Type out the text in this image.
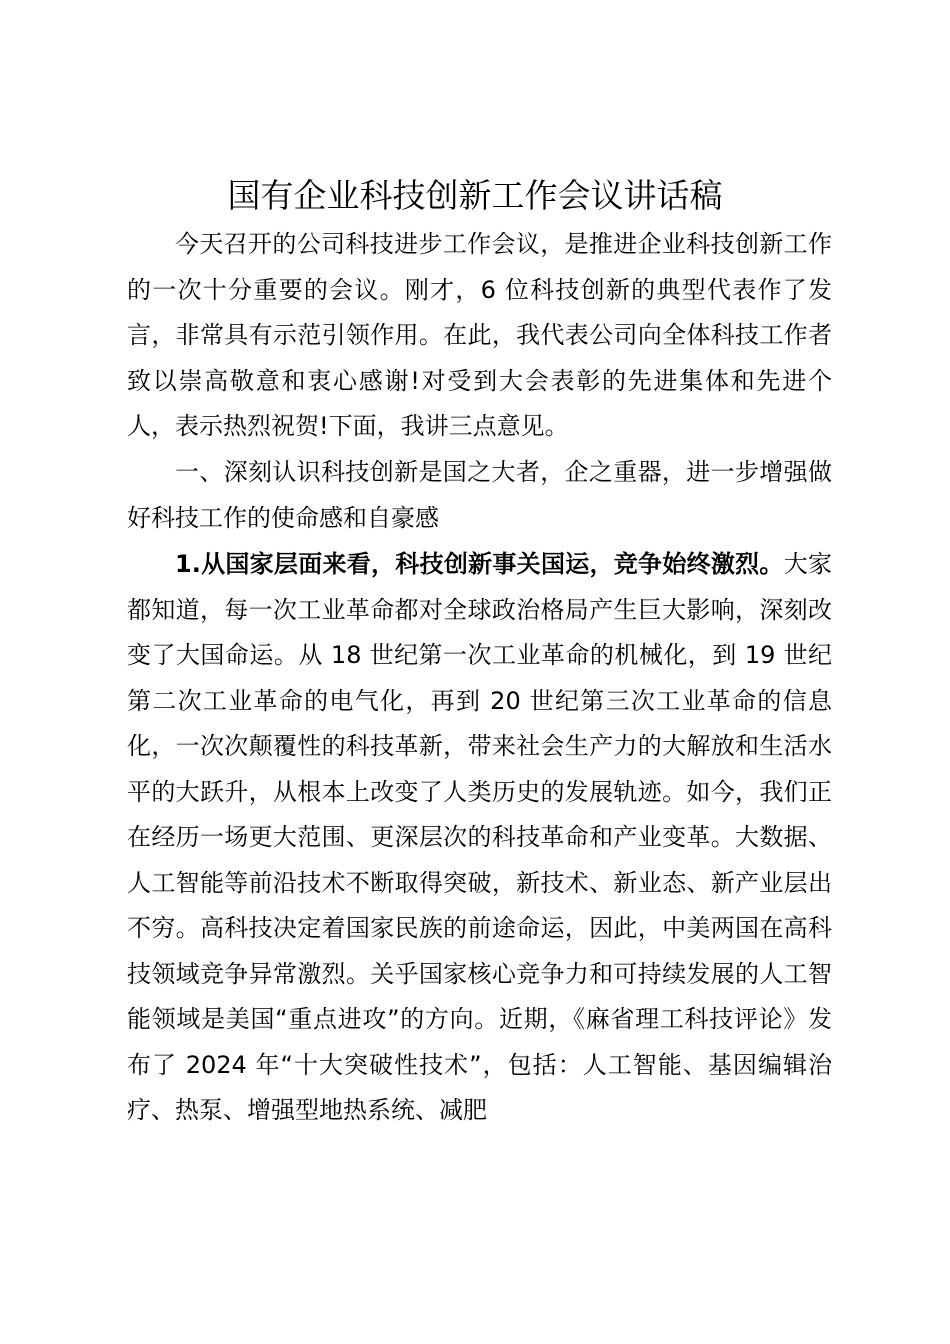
国有企业科技创新工作会议讲话稿

今天召开的公司科技进步工作会议，是推进企业科技创新工作的一次十分重要的会议。刚才，6 位科技创新的典型代表作了发言，非常具有示范引领作用。在此，我代表公司向全体科技工作者致以崇高敬意和衷心感谢!对受到大会表彰的先进集体和先进个人，表示热烈祝贺!下面，我讲三点意见。

一、深刻认识科技创新是国之大者，企之重器，进一步增强做好科技工作的使命感和自豪感

1.从国家层面来看，科技创新事关国运，竞争始终激烈。大家都知道，每一次工业革命都对全球政治格局产生巨大影响，深刻改变了大国命运。从 18 世纪第一次工业革命的机械化，到 19 世纪第二次工业革命的电气化，再到 20 世纪第三次工业革命的信息化，一次次颠覆性的科技革新，带来社会生产力的大解放和生活水平的大跃升，从根本上改变了人类历史的发展轨迹。如今，我们正在经历一场更大范围、更深层次的科技革命和产业变革。大数据、人工智能等前沿技术不断取得突破，新技术、新业态、新产业层出不穷。高科技决定着国家民族的前途命运，因此，中美两国在高科技领域竞争异常激烈。关乎国家核心竞争力和可持续发展的人工智能领域是美国“重点进攻”的方向。近期，《麻省理工科技评论》发布了 2024 年“十大突破性技术”，包括：人工智能、基因编辑治疗、热泵、增强型地热系统、减肥
